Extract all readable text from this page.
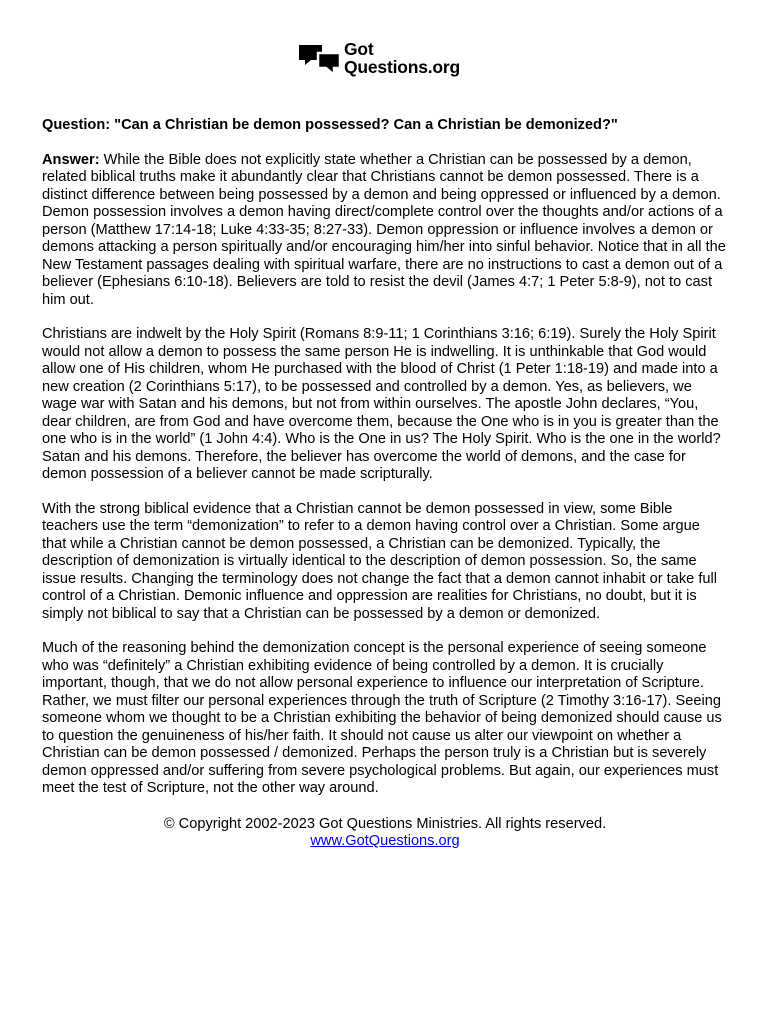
Got
Questions.org
Question: "Can a Christian be demon possessed? Can a Christian be demonized?"

Answer: While the Bible does not explicitly state whether a Christian can be possessed by a demon, related biblical truths make it abundantly clear that Christians cannot be demon possessed. There is a distinct difference between being possessed by a demon and being oppressed or influenced by a demon. Demon possession involves a demon having direct/complete control over the thoughts and/or actions of a person (Matthew 17:14-18; Luke 4:33-35; 8:27-33). Demon oppression or influence involves a demon or demons attacking a person spiritually and/or encouraging him/her into sinful behavior. Notice that in all the New Testament passages dealing with spiritual warfare, there are no instructions to cast a demon out of a believer (Ephesians 6:10-18). Believers are told to resist the devil (James 4:7; 1 Peter 5:8-9), not to cast him out.

Christians are indwelt by the Holy Spirit (Romans 8:9-11; 1 Corinthians 3:16; 6:19). Surely the Holy Spirit would not allow a demon to possess the same person He is indwelling. It is unthinkable that God would allow one of His children, whom He purchased with the blood of Christ (1 Peter 1:18-19) and made into a new creation (2 Corinthians 5:17), to be possessed and controlled by a demon. Yes, as believers, we wage war with Satan and his demons, but not from within ourselves. The apostle John declares, “You, dear children, are from God and have overcome them, because the One who is in you is greater than the one who is in the world” (1 John 4:4). Who is the One in us? The Holy Spirit. Who is the one in the world? Satan and his demons. Therefore, the believer has overcome the world of demons, and the case for demon possession of a believer cannot be made scripturally.

With the strong biblical evidence that a Christian cannot be demon possessed in view, some Bible teachers use the term “demonization” to refer to a demon having control over a Christian. Some argue that while a Christian cannot be demon possessed, a Christian can be demonized. Typically, the description of demonization is virtually identical to the description of demon possession. So, the same issue results. Changing the terminology does not change the fact that a demon cannot inhabit or take full control of a Christian. Demonic influence and oppression are realities for Christians, no doubt, but it is simply not biblical to say that a Christian can be possessed by a demon or demonized.

Much of the reasoning behind the demonization concept is the personal experience of seeing someone who was “definitely” a Christian exhibiting evidence of being controlled by a demon. It is crucially important, though, that we do not allow personal experience to influence our interpretation of Scripture. Rather, we must filter our personal experiences through the truth of Scripture (2 Timothy 3:16-17). Seeing someone whom we thought to be a Christian exhibiting the behavior of being demonized should cause us to question the genuineness of his/her faith. It should not cause us alter our viewpoint on whether a Christian can be demon possessed / demonized. Perhaps the person truly is a Christian but is severely demon oppressed and/or suffering from severe psychological problems. But again, our experiences must meet the test of Scripture, not the other way around.

© Copyright 2002-2023 Got Questions Ministries. All rights reserved.
www.GotQuestions.org
